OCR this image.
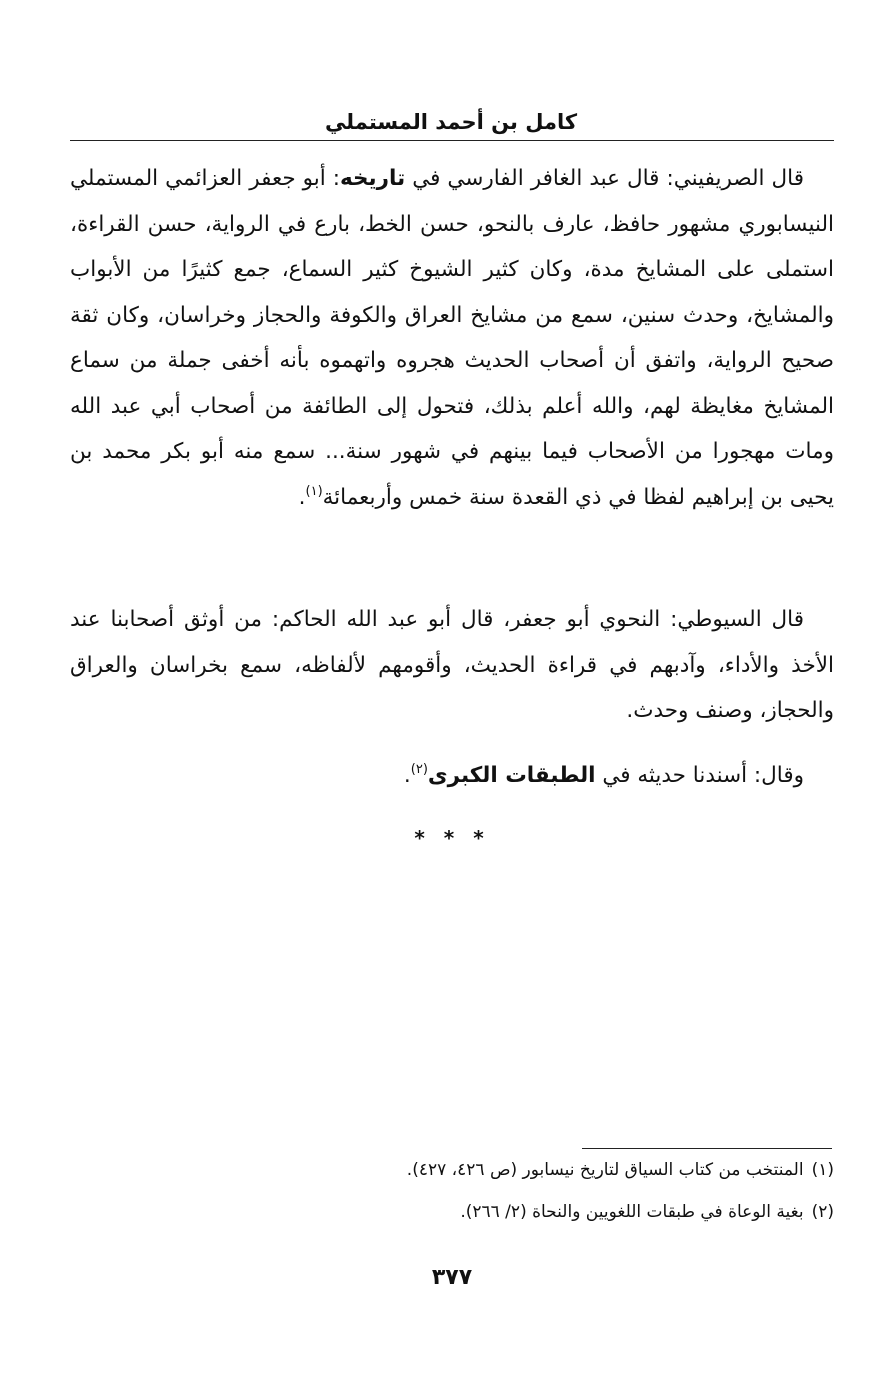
كامل بن أحمد المستملي
قال الصريفيني: قال عبد الغافر الفارسي في تاريخه: أبو جعفر العزائمي المستملي النيسابوري مشهور حافظ، عارف بالنحو، حسن الخط، بارع في الرواية، حسن القراءة، استملى على المشايخ مدة، وكان كثير الشيوخ كثير السماع، جمع كثيرًا من الأبواب والمشايخ، وحدث سنين، سمع من مشايخ العراق والكوفة والحجاز وخراسان، وكان ثقة صحيح الرواية، واتفق أن أصحاب الحديث هجروه واتهموه بأنه أخفى جملة من سماع المشايخ مغايظة لهم، والله أعلم بذلك، فتحول إلى الطائفة من أصحاب أبي عبد الله ومات مهجورا من الأصحاب فيما بينهم في شهور سنة... سمع منه أبو بكر محمد بن يحيى بن إبراهيم لفظا في ذي القعدة سنة خمس وأربعمائة$^{(١)}$.
قال السيوطي: النحوي أبو جعفر، قال أبو عبد الله الحاكم: من أوثق أصحابنا عند الأخذ والأداء، وآدبهم في قراءة الحديث، وأقومهم لألفاظه، سمع بخراسان والعراق والحجاز، وصنف وحدث.
وقال: أسندنا حديثه في الطبقات الكبرى$^{(٢)}$.
* * *
(١)المنتخب من كتاب السياق لتاريخ نيسابور (ص ٤٢٦، ٤٢٧).
(٢)بغية الوعاة في طبقات اللغويين والنحاة (٢/ ٢٦٦).
٣٧٧
